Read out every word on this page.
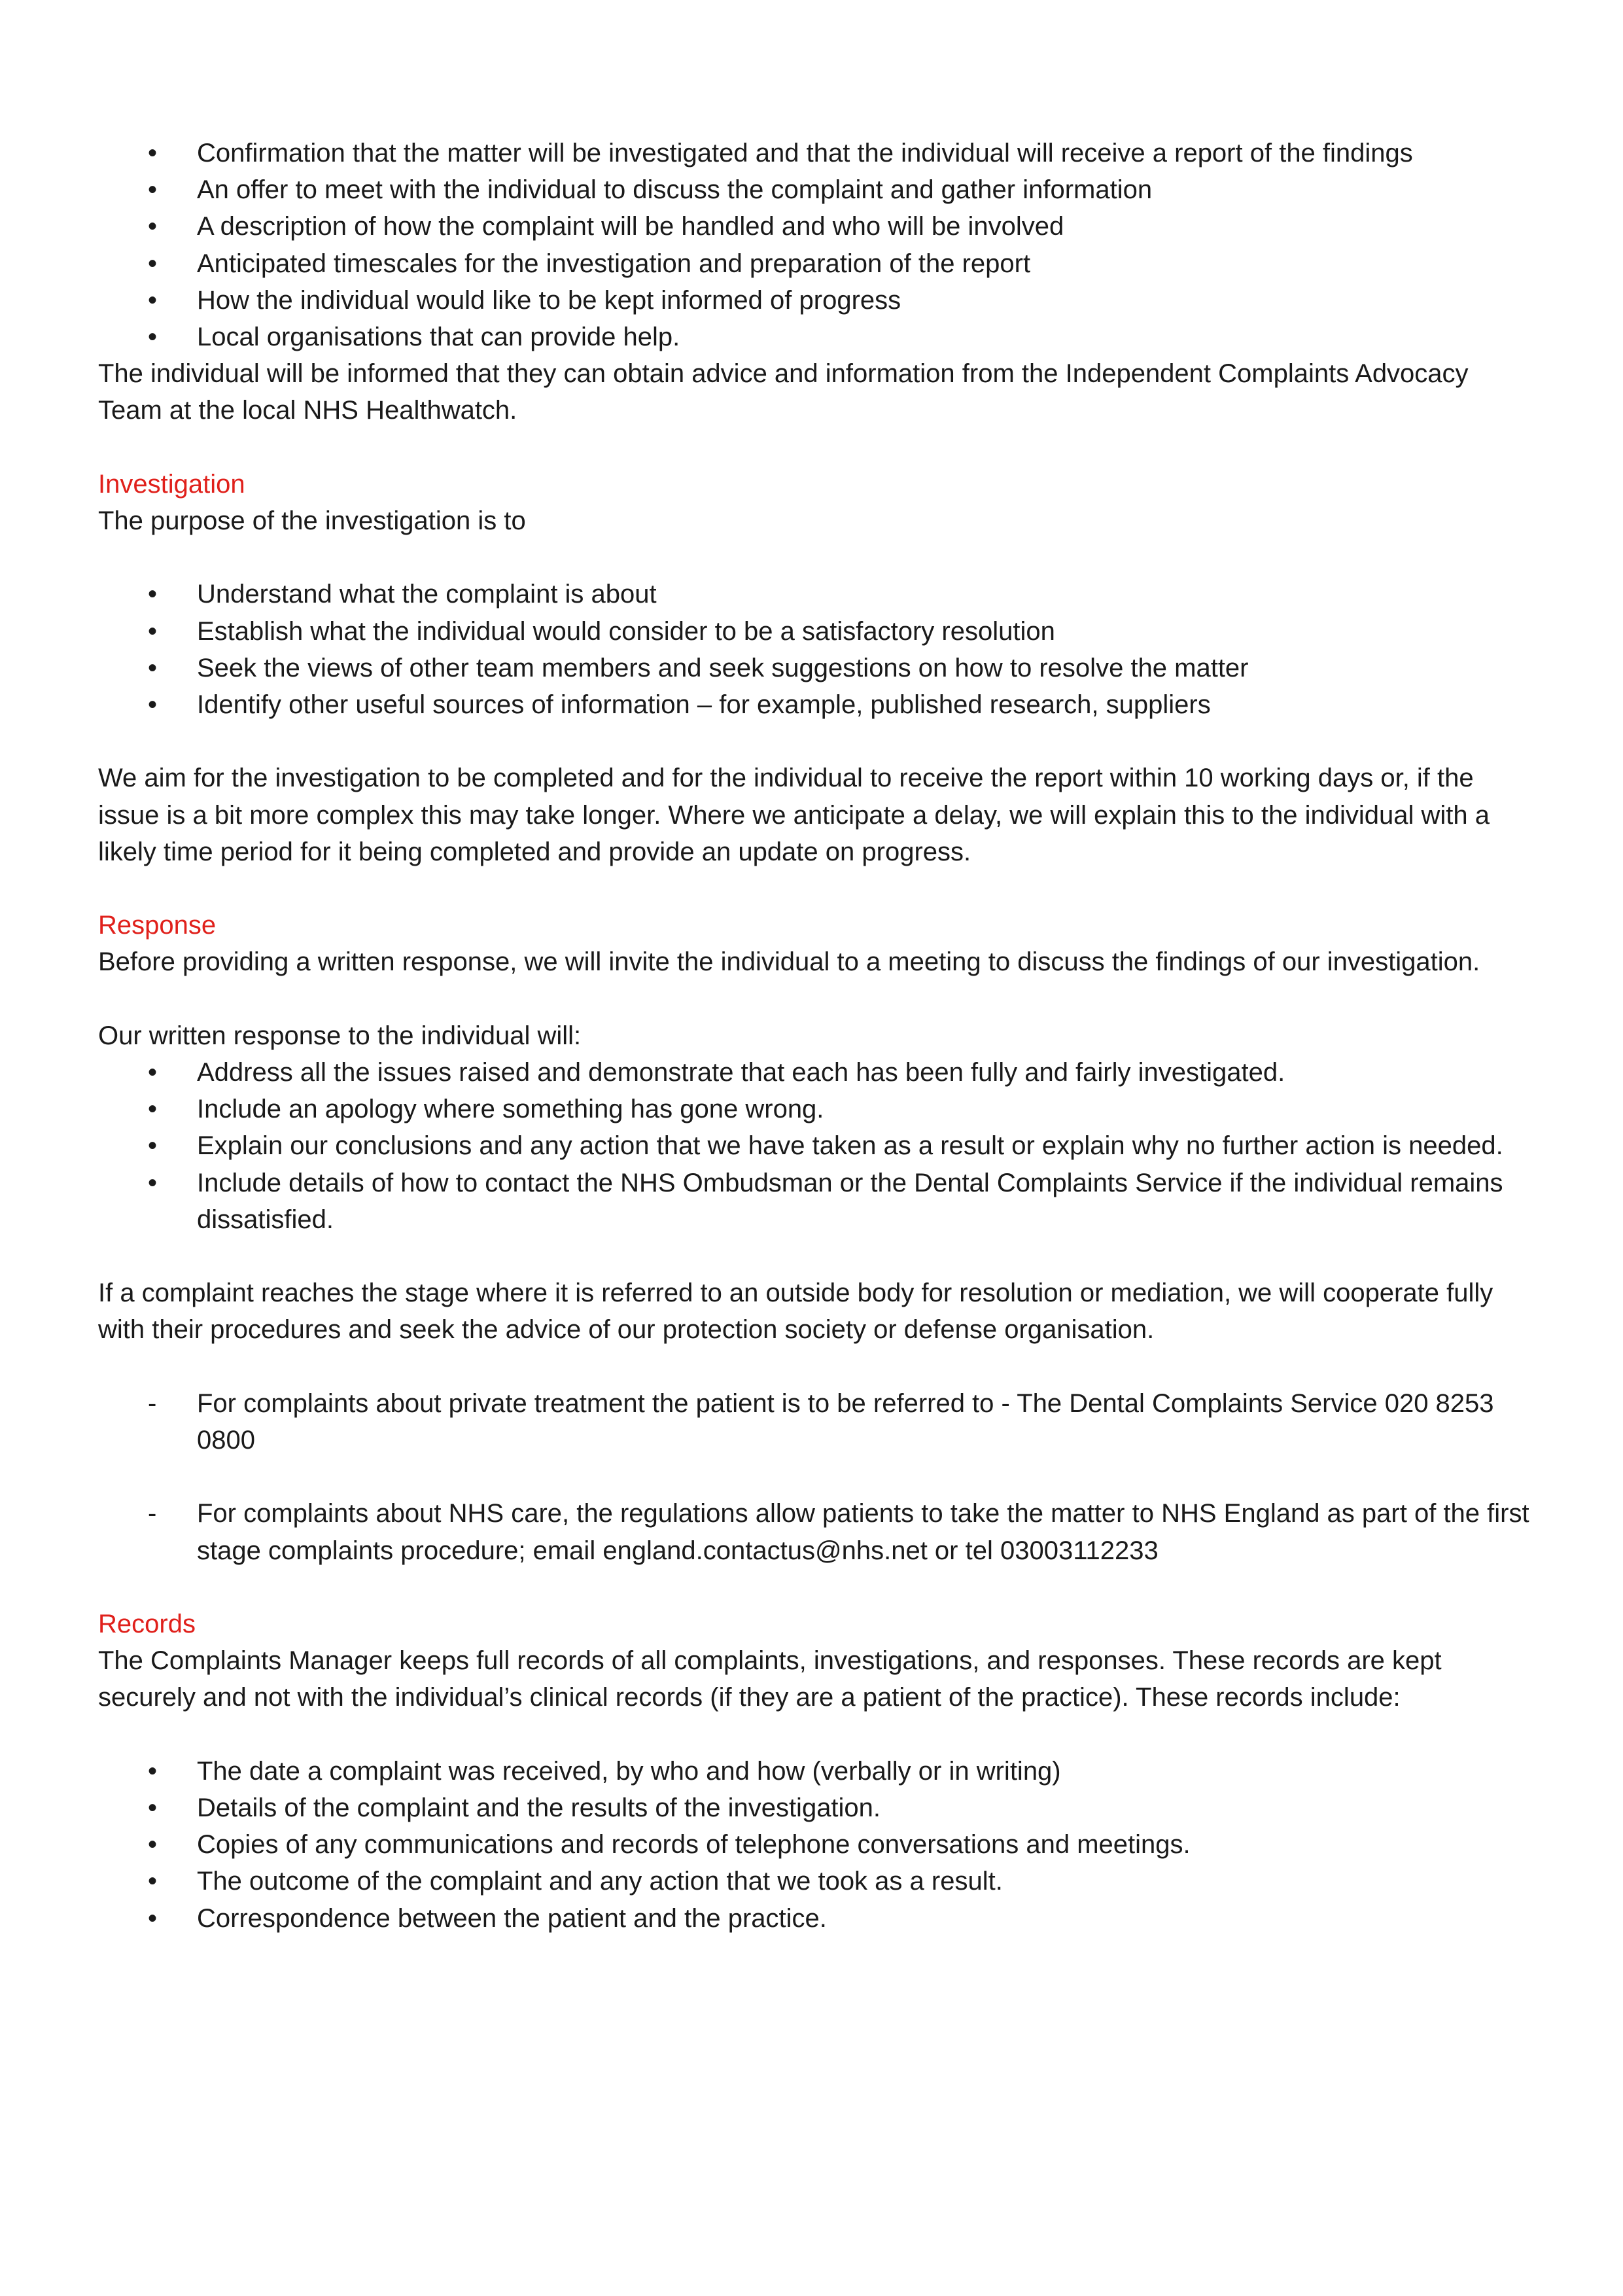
•
Confirmation that the matter will be investigated and that the individual will receive a report of the findings
•
An offer to meet with the individual to discuss the complaint and gather information
•
A description of how the complaint will be handled and who will be involved
•
Anticipated timescales for the investigation and preparation of the report
•
How the individual would like to be kept informed of progress
•
Local organisations that can provide help.

The individual will be informed that they can obtain advice and information from the Independent Complaints Advocacy Team at the local NHS Healthwatch.

Investigation

The purpose of the investigation is to

•
Understand what the complaint is about
•
Establish what the individual would consider to be a satisfactory resolution
•
Seek the views of other team members and seek suggestions on how to resolve the matter
•
Identify other useful sources of information – for example, published research, suppliers

We aim for the investigation to be completed and for the individual to receive the report within 10 working days or, if the issue is a bit more complex this may take longer. Where we anticipate a delay, we will explain this to the individual with a likely time period for it being completed and provide an update on progress.

Response

Before providing a written response, we will invite the individual to a meeting to discuss the findings of our investigation.

Our written response to the individual will:

•
Address all the issues raised and demonstrate that each has been fully and fairly investigated.
•
Include an apology where something has gone wrong.
•
Explain our conclusions and any action that we have taken as a result or explain why no further action is needed.
•
Include details of how to contact the NHS Ombudsman or the Dental Complaints Service if the individual remains dissatisfied.

If a complaint reaches the stage where it is referred to an outside body for resolution or mediation, we will cooperate fully with their procedures and seek the advice of our protection society or defense organisation.

-
For complaints about private treatment the patient is to be referred to - The Dental Complaints Service 020 8253 0800
-
For complaints about NHS care, the regulations allow patients to take the matter to NHS England as part of the first stage complaints procedure; email england.contactus@nhs.net or tel 03003112233
Records

The Complaints Manager keeps full records of all complaints, investigations, and responses. These records are kept securely and not with the individual’s clinical records (if they are a patient of the practice). These records include:

•
The date a complaint was received, by who and how (verbally or in writing)
•
Details of the complaint and the results of the investigation.
•
Copies of any communications and records of telephone conversations and meetings.
•
The outcome of the complaint and any action that we took as a result.
•
Correspondence between the patient and the practice.
